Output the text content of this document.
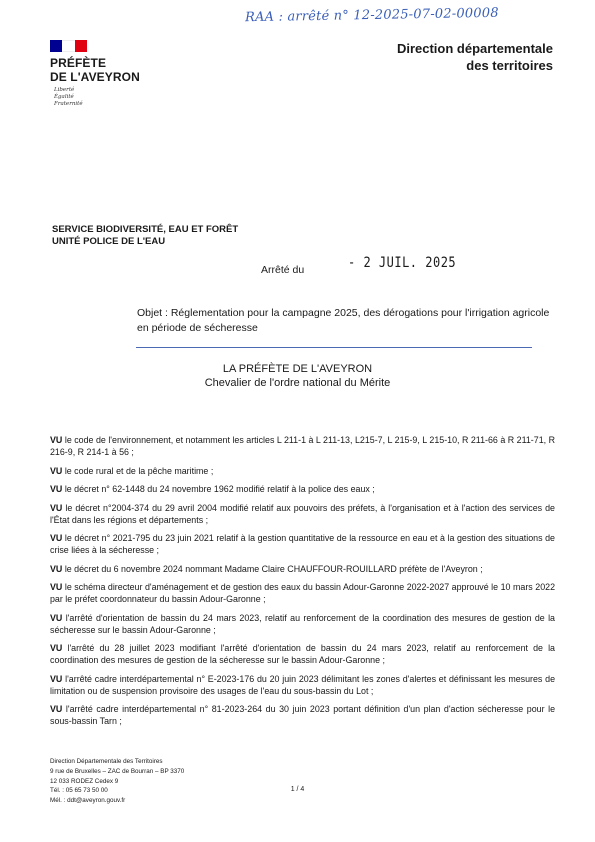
RAA : arrêté n° 12-2025-07-02-00008
PRÉFÈTE
DE L'AVEYRON
Liberté
Égalité
Fraternité
Direction départementale
des territoires
SERVICE BIODIVERSITÉ, EAU ET FORÊT
UNITÉ POLICE DE L'EAU
Arrêté du	- 2 JUIL. 2025
Objet : Réglementation pour la campagne 2025, des dérogations pour l'irrigation agricole en période de sécheresse
LA PRÉFÈTE DE L'AVEYRON
Chevalier de l'ordre national du Mérite
VU le code de l'environnement, et notamment les articles L 211-1 à L 211-13, L215-7, L 215-9, L 215-10, R 211-66 à R 211-71, R 216-9, R 214-1 à 56 ;
VU le code rural et de la pêche maritime ;
VU le décret n° 62-1448 du 24 novembre 1962 modifié relatif à la police des eaux ;
VU le décret n°2004-374 du 29 avril 2004 modifié relatif aux pouvoirs des préfets, à l'organisation et à l'action des services de l'État dans les régions et départements ;
VU le décret n° 2021-795 du 23 juin 2021 relatif à la gestion quantitative de la ressource en eau et à la gestion des situations de crise liées à la sécheresse ;
VU le décret du 6 novembre 2024 nommant Madame Claire CHAUFFOUR-ROUILLARD préfète de l'Aveyron ;
VU le schéma directeur d'aménagement et de gestion des eaux du bassin Adour-Garonne 2022-2027 approuvé le 10 mars 2022 par le préfet coordonnateur du bassin Adour-Garonne ;
VU l'arrêté d'orientation de bassin du 24 mars 2023, relatif au renforcement de la coordination des mesures de gestion de la sécheresse sur le bassin Adour-Garonne ;
VU l'arrêté du 28 juillet 2023 modifiant l'arrêté d'orientation de bassin du 24 mars 2023, relatif au renforcement de la coordination des mesures de gestion de la sécheresse sur le bassin Adour-Garonne ;
VU l'arrêté cadre interdépartemental n° E-2023-176 du 20 juin 2023 délimitant les zones d'alertes et définissant les mesures de limitation ou de suspension provisoire des usages de l'eau du sous-bassin du Lot ;
VU l'arrêté cadre interdépartemental n° 81-2023-264 du 30 juin 2023 portant définition d'un plan d'action sécheresse pour le sous-bassin Tarn ;
Direction Départementale des Territoires
9 rue de Bruxelles – ZAC de Bourran – BP 3370
12 033 RODEZ Cedex 9
Tél. : 05 65 73 50 00
Mél. : ddt@aveyron.gouv.fr
1 / 4
